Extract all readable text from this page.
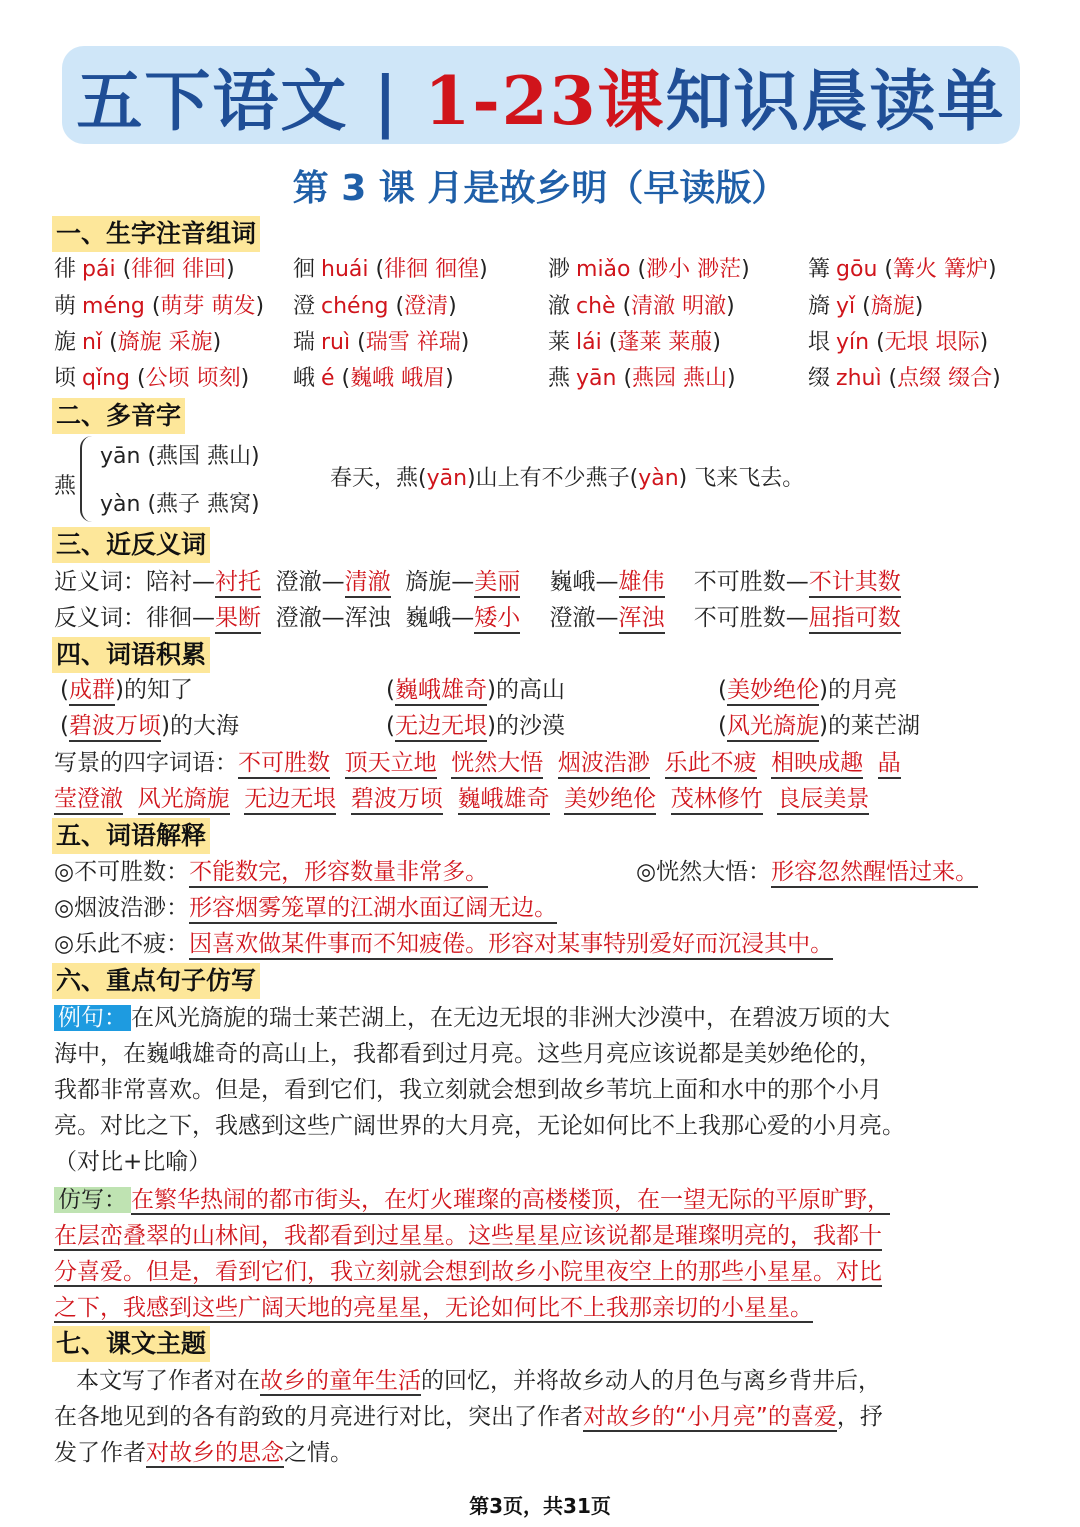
五下语文 | 1-23课知识晨读单
第 3 课 月是故乡明（早读版）
一、生字注音组词
徘 pái (徘徊 徘回)	徊 huái (徘徊 徊徨)	渺 miǎo (渺小 渺茫)	篝 gōu (篝火 篝炉)
萌 méng (萌芽 萌发) 澄 chéng (澄清)	澈 chè (清澈 明澈)	旖 yǐ (旖旎)
旎 nǐ (旖旎 采旎)	瑞 ruì (瑞雪 祥瑞)	莱 lái (蓬莱 莱菔)	垠 yín (无垠 垠际)
顷 qǐng (公顷 顷刻) 峨 é (巍峨 峨眉)	燕 yān (燕园 燕山)	缀 zhuì (点缀 缀合)
二、多音字
燕
yān (燕国 燕山)
yàn (燕子 燕窝)
春天，燕(yān)山上有不少燕子(yàn) 飞来飞去。
三、近反义词
近义词：陪衬—衬托 澄澈—清澈 旖旎—美丽 巍峨—雄伟 不可胜数—不计其数
反义词：徘徊—果断 澄澈—浑浊 巍峨—矮小 澄澈—浑浊 不可胜数—屈指可数
四、词语积累
(成群)的知了	(巍峨雄奇)的高山	(美妙绝伦)的月亮
(碧波万顷)的大海	(无边无垠)的沙漠	(风光旖旎)的莱芒湖
写景的四字词语：不可胜数 顶天立地 恍然大悟 烟波浩渺 乐此不疲 相映成趣 晶
莹澄澈 风光旖旎 无边无垠 碧波万顷 巍峨雄奇 美妙绝伦 茂林修竹 良辰美景
五、词语解释
◎不可胜数：不能数完，形容数量非常多。	◎恍然大悟：形容忽然醒悟过来。
◎烟波浩渺：形容烟雾笼罩的江湖水面辽阔无边。
◎乐此不疲：因喜欢做某件事而不知疲倦。形容对某事特别爱好而沉浸其中。
六、重点句子仿写
例句： 在风光旖旎的瑞士莱芒湖上，在无边无垠的非洲大沙漠中，在碧波万顷的大
海中，在巍峨雄奇的高山上，我都看到过月亮。这些月亮应该说都是美妙绝伦的，
我都非常喜欢。但是，看到它们，我立刻就会想到故乡苇坑上面和水中的那个小月
亮。对比之下，我感到这些广阔世界的大月亮，无论如何比不上我那心爱的小月亮。
（对比+比喻）
仿写： 在繁华热闹的都市街头，在灯火璀璨的高楼楼顶，在一望无际的平原旷野，
在层峦叠翠的山林间，我都看到过星星。这些星星应该说都是璀璨明亮的，我都十
分喜爱。但是，看到它们，我立刻就会想到故乡小院里夜空上的那些小星星。对比
之下，我感到这些广阔天地的亮星星，无论如何比不上我那亲切的小星星。
七、课文主题
本文写了作者对在故乡的童年生活的回忆，并将故乡动人的月色与离乡背井后，
在各地见到的各有韵致的月亮进行对比，突出了作者对故乡的“小月亮”的喜爱，抒
发了作者对故乡的思念之情。
第3页，共31页
